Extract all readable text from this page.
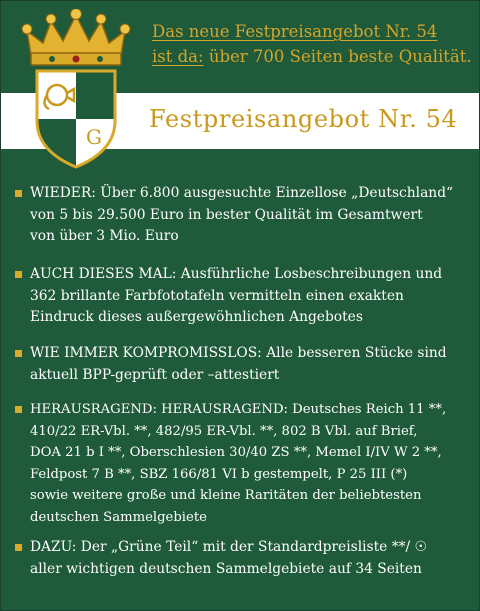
Das neue Festpreisangebot Nr. 54
ist da: über 700 Seiten beste Qualität.
Festpreisangebot Nr. 54
G
WIEDER: Über 6.800 ausgesuchte Einzellose „Deutschland“
von 5 bis 29.500 Euro in bester Qualität im Gesamtwert
von über 3 Mio. Euro
AUCH DIESES MAL: Ausführliche Losbeschreibungen und
362 brillante Farbfototafeln vermitteln einen exakten
Eindruck dieses außergewöhnlichen Angebotes
WIE IMMER KOMPROMISSLOS: Alle besseren Stücke sind
aktuell BPP-geprüft oder –attestiert
HERAUSRAGEND: HERAUSRAGEND: Deutsches Reich 11 **,
410/22 ER-Vbl. **, 482/95 ER-Vbl. **, 802 B Vbl. auf Brief,
DOA 21 b I **, Oberschlesien 30/40 ZS **, Memel I/IV W 2 **,
Feldpost 7 B **, SBZ 166/81 VI b gestempelt, P 25 III (*)
sowie weitere große und kleine Raritäten der beliebtesten
deutschen Sammelgebiete
DAZU: Der „Grüne Teil“ mit der Standardpreisliste **/ ☉
aller wichtigen deutschen Sammelgebiete auf 34 Seiten
